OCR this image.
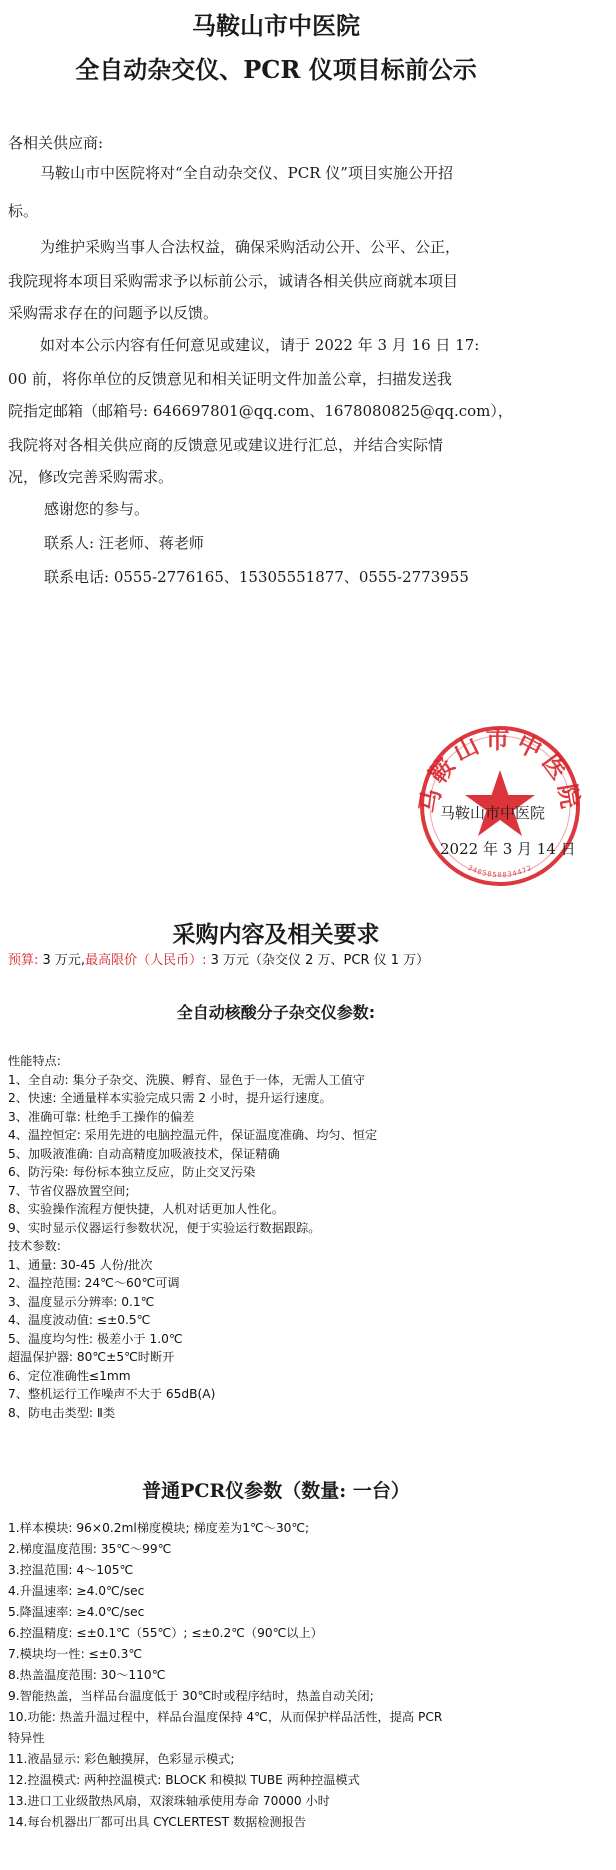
马鞍山市中医院
全自动杂交仪、PCR 仪项目标前公示
各相关供应商:
马鞍山市中医院将对“全自动杂交仪、PCR 仪”项目实施公开招
标。
为维护采购当事人合法权益，确保采购活动公开、公平、公正，
我院现将本项目采购需求予以标前公示，诚请各相关供应商就本项目
采购需求存在的问题予以反馈。
如对本公示内容有任何意见或建议，请于 2022 年 3 月 16 日 17:
00 前，将你单位的反馈意见和相关证明文件加盖公章，扫描发送我
院指定邮箱（邮箱号: 646697801@qq.com、1678080825@qq.com），
我院将对各相关供应商的反馈意见或建议进行汇总，并结合实际情
况，修改完善采购需求。
感谢您的参与。
联系人: 汪老师、蒋老师
联系电话: 0555-2776165、15305551877、0555-2773955
鞍山市中医
3405050034472
马鞍山市中医院
2022 年 3 月 14 日
采购内容及相关要求
预算: 3 万元,最高限价（人民币）: 3 万元（杂交仪 2 万、PCR 仪 1 万）
全自动核酸分子杂交仪参数:
性能特点:
1、全自动: 集分子杂交、洗膜、孵育、显色于一体，无需人工值守
2、快速: 全通量样本实验完成只需 2 小时，提升运行速度。
3、准确可靠: 杜绝手工操作的偏差
4、温控恒定: 采用先进的电脑控温元件，保证温度准确、均匀、恒定
5、加吸液准确: 自动高精度加吸液技术，保证精确
6、防污染: 每份标本独立反应，防止交叉污染
7、节省仪器放置空间;
8、实验操作流程方便快捷，人机对话更加人性化。
9、实时显示仪器运行参数状况，便于实验运行数据跟踪。
技术参数:
1、通量: 30-45 人份/批次
2、温控范围: 24℃～60℃可调
3、温度显示分辨率: 0.1℃
4、温度波动值: ≤±0.5℃
5、温度均匀性: 极差小于 1.0℃
超温保护器: 80℃±5℃时断开
6、定位准确性≤1mm
7、整机运行工作噪声不大于 65dB(A)
8、防电击类型: Ⅱ类
普通PCR仪参数（数量: 一台）
1.样本模块: 96×0.2ml梯度模块; 梯度差为1℃～30℃;
2.梯度温度范围: 35℃～99℃
3.控温范围: 4～105℃
4.升温速率: ≥4.0℃/sec
5.降温速率: ≥4.0℃/sec
6.控温精度: ≤±0.1℃（55℃）; ≤±0.2℃（90℃以上）
7.模块均一性: ≤±0.3℃
8.热盖温度范围: 30～110℃
9.智能热盖，当样品台温度低于 30℃时或程序结时，热盖自动关闭;
10.功能: 热盖升温过程中，样品台温度保持 4℃，从而保护样品活性，提高 PCR
特异性
11.液晶显示: 彩色触摸屏，色彩显示模式;
12.控温模式: 两种控温模式: BLOCK 和模拟 TUBE 两种控温模式
13.进口工业级散热风扇，双滚珠轴承使用寿命 70000 小时
14.每台机器出厂都可出具 CYCLERTEST 数据检测报告
